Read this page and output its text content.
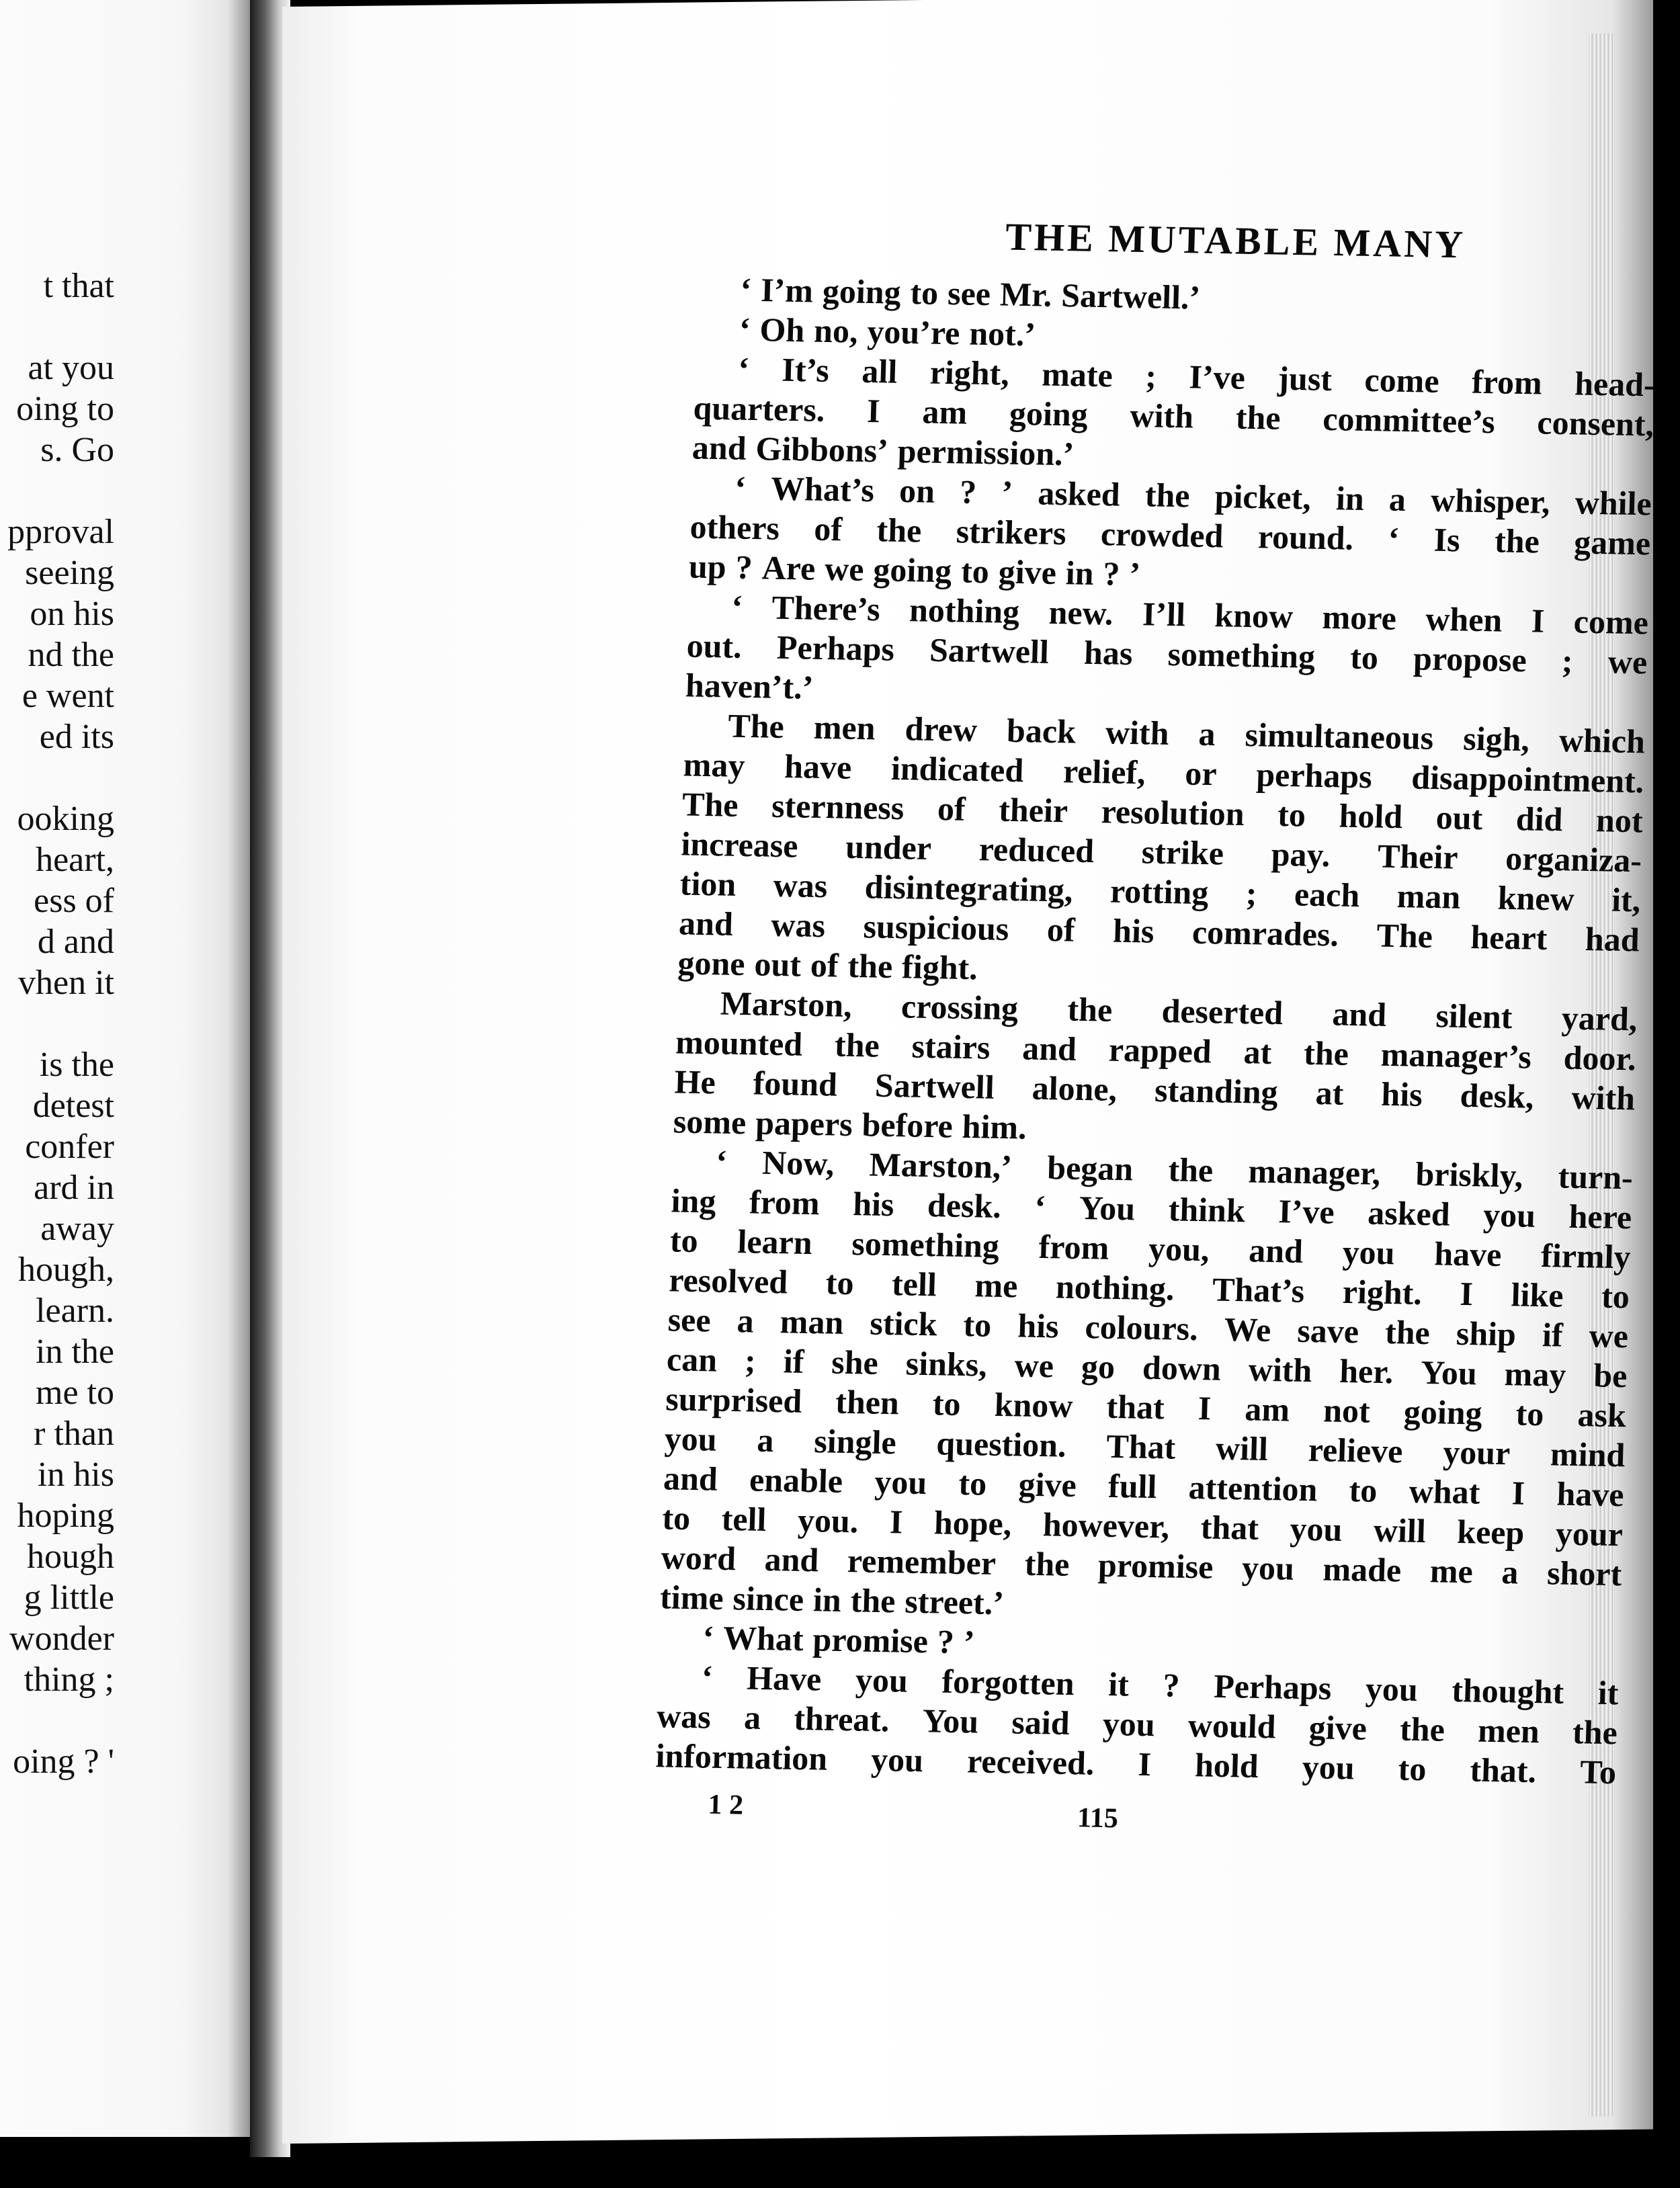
t that
at you
oing to
s. Go
pproval
seeing
on his
nd the
e went
ed its
ooking
heart,
ess of
d and
vhen it
is the
detest
confer
ard in
away
hough,
learn.
in the
me to
r than
in his
hoping
hough
g little
wonder
thing ;
oing ? '
THE MUTABLE MANY
‘ I’m going to see Mr. Sartwell.’
‘ Oh no, you’re not.’
‘ It’s all right, mate ; I’ve just come from head-
quarters. I am going with the committee’s consent,
and Gibbons’ permission.’
‘ What’s on ? ’ asked the picket, in a whisper, while
others of the strikers crowded round. ‘ Is the game
up ? Are we going to give in ? ’
‘ There’s nothing new. I’ll know more when I come
out. Perhaps Sartwell has something to propose ; we
haven’t.’
The men drew back with a simultaneous sigh, which
may have indicated relief, or perhaps disappointment.
The sternness of their resolution to hold out did not
increase under reduced strike pay. Their organiza-
tion was disintegrating, rotting ; each man knew it,
and was suspicious of his comrades. The heart had
gone out of the fight.
Marston, crossing the deserted and silent yard,
mounted the stairs and rapped at the manager’s door.
He found Sartwell alone, standing at his desk, with
some papers before him.
‘ Now, Marston,’ began the manager, briskly, turn-
ing from his desk. ‘ You think I’ve asked you here
to learn something from you, and you have firmly
resolved to tell me nothing. That’s right. I like to
see a man stick to his colours. We save the ship if we
can ; if she sinks, we go down with her. You may be
surprised then to know that I am not going to ask
you a single question. That will relieve your mind
and enable you to give full attention to what I have
to tell you. I hope, however, that you will keep your
word and remember the promise you made me a short
time since in the street.’
‘ What promise ? ’
‘ Have you forgotten it ? Perhaps you thought it
was a threat. You said you would give the men the
information you received. I hold you to that. To
1 2	115
